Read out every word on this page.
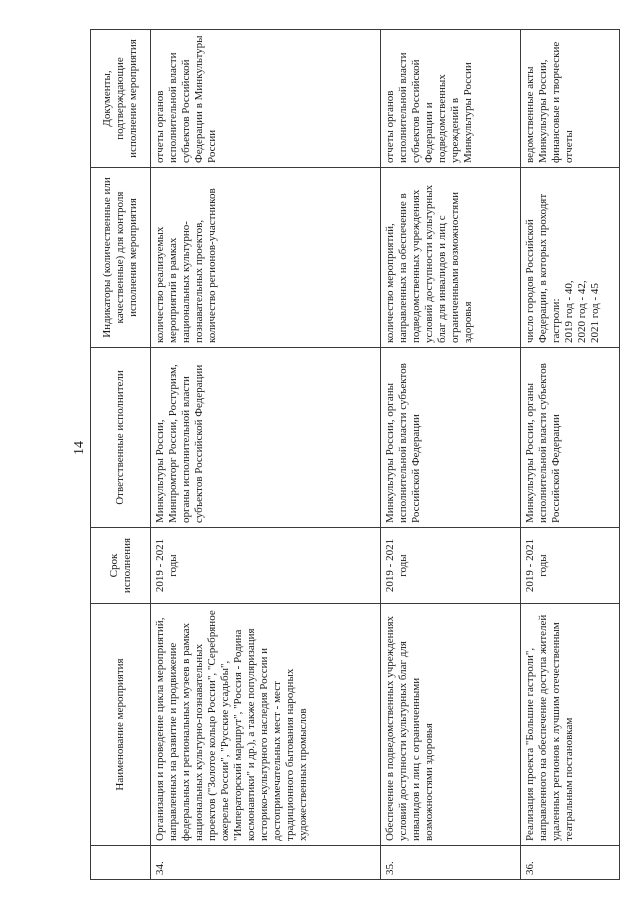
14
	Наименование мероприятия	Срок исполнения	Ответственные исполнители	Индикаторы (количественные или качественные) для контроля исполнения мероприятия	Документы, подтверждающие исполнение мероприятия
34.	Организация и проведение цикла мероприятий, направленных на развитие и продвижение федеральных и региональных музеев в рамках национальных культурно-познавательных проектов ("Золотое кольцо России", "Серебряное ожерелье России", "Русские усадьбы", "Императорский маршрут", "Россия - Родина космонавтики" и др.), а также популяризация историко-культурного наследия России и достопримечательных мест - мест традиционного бытования народных художественных промыслов	2019 - 2021 годы	Минкультуры России, Минпромторг России, Ростуризм, органы исполнительной власти субъектов Российской Федерации	количество реализуемых мероприятий в рамках национальных культурно-познавательных проектов, количество регионов-участников	отчеты органов исполнительной власти субъектов Российской Федерации в Минкультуры России
35.	Обеспечение в подведомственных учреждениях условий доступности культурных благ для инвалидов и лиц с ограниченными возможностями здоровья	2019 - 2021 годы	Минкультуры России, органы исполнительной власти субъектов Российской Федерации	количество мероприятий, направленных на обеспечение в подведомственных учреждениях условий доступности культурных благ для инвалидов и лиц с ограниченными возможностями здоровья	отчеты органов исполнительной власти субъектов Российской Федерации и подведомственных учреждений в Минкультуры России
36.	Реализация проекта "Большие гастроли", направленного на обеспечение доступа жителей удаленных регионов к лучшим отечественным театральным постановкам	2019 - 2021 годы	Минкультуры России, органы исполнительной власти субъектов Российской Федерации	число городов Российской Федерации, в которых проходят гастроли: 2019 год - 40, 2020 год - 42, 2021 год - 45	ведомственные акты Минкультуры России, финансовые и творческие отчеты
